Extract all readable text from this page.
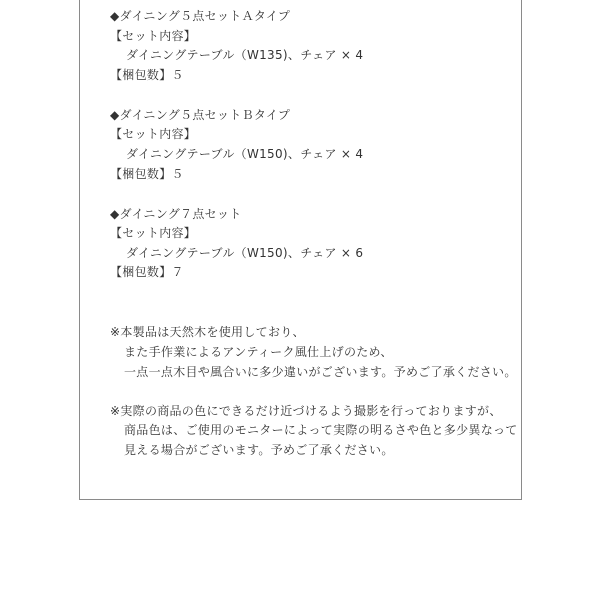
◆ダイニング５点セットＡタイプ
【セット内容】
ダイニングテーブル（W135)、チェア × 4
【梱包数】５
◆ダイニング５点セットＢタイプ
【セット内容】
ダイニングテーブル（W150)、チェア × 4
【梱包数】５
◆ダイニング７点セット
【セット内容】
ダイニングテーブル（W150)、チェア × 6
【梱包数】７
※本製品は天然木を使用しており、
また手作業によるアンティーク風仕上げのため、
一点一点木目や風合いに多少違いがございます。予めご了承ください。
※実際の商品の色にできるだけ近づけるよう撮影を行っておりますが、
商品色は、ご使用のモニターによって実際の明るさや色と多少異なって
見える場合がございます。予めご了承ください。
